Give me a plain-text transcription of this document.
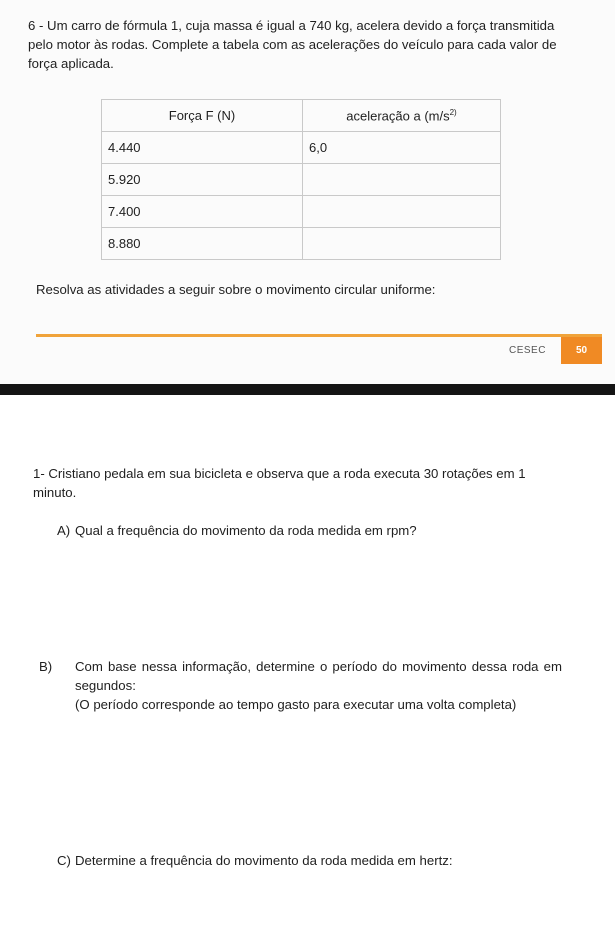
6 - Um carro de fórmula 1, cuja massa é igual a 740 kg, acelera devido a força transmitida pelo motor às rodas. Complete a tabela com as acelerações do veículo para cada valor de força aplicada.

Força F (N)	aceleração a ($m/s^{2)}$
4.440	6,0
5.920	
7.400	
8.880	

Resolva as atividades a seguir sobre o movimento circular uniforme:

CESEC	50

1- Cristiano pedala em sua bicicleta e observa que a roda executa 30 rotações em 1 minuto.

A) Qual a frequência do movimento da roda medida em rpm?

B) Com base nessa informação, determine o período do movimento dessa roda em segundos:
(O período corresponde ao tempo gasto para executar uma volta completa)

C) Determine a frequência do movimento da roda medida em hertz:
